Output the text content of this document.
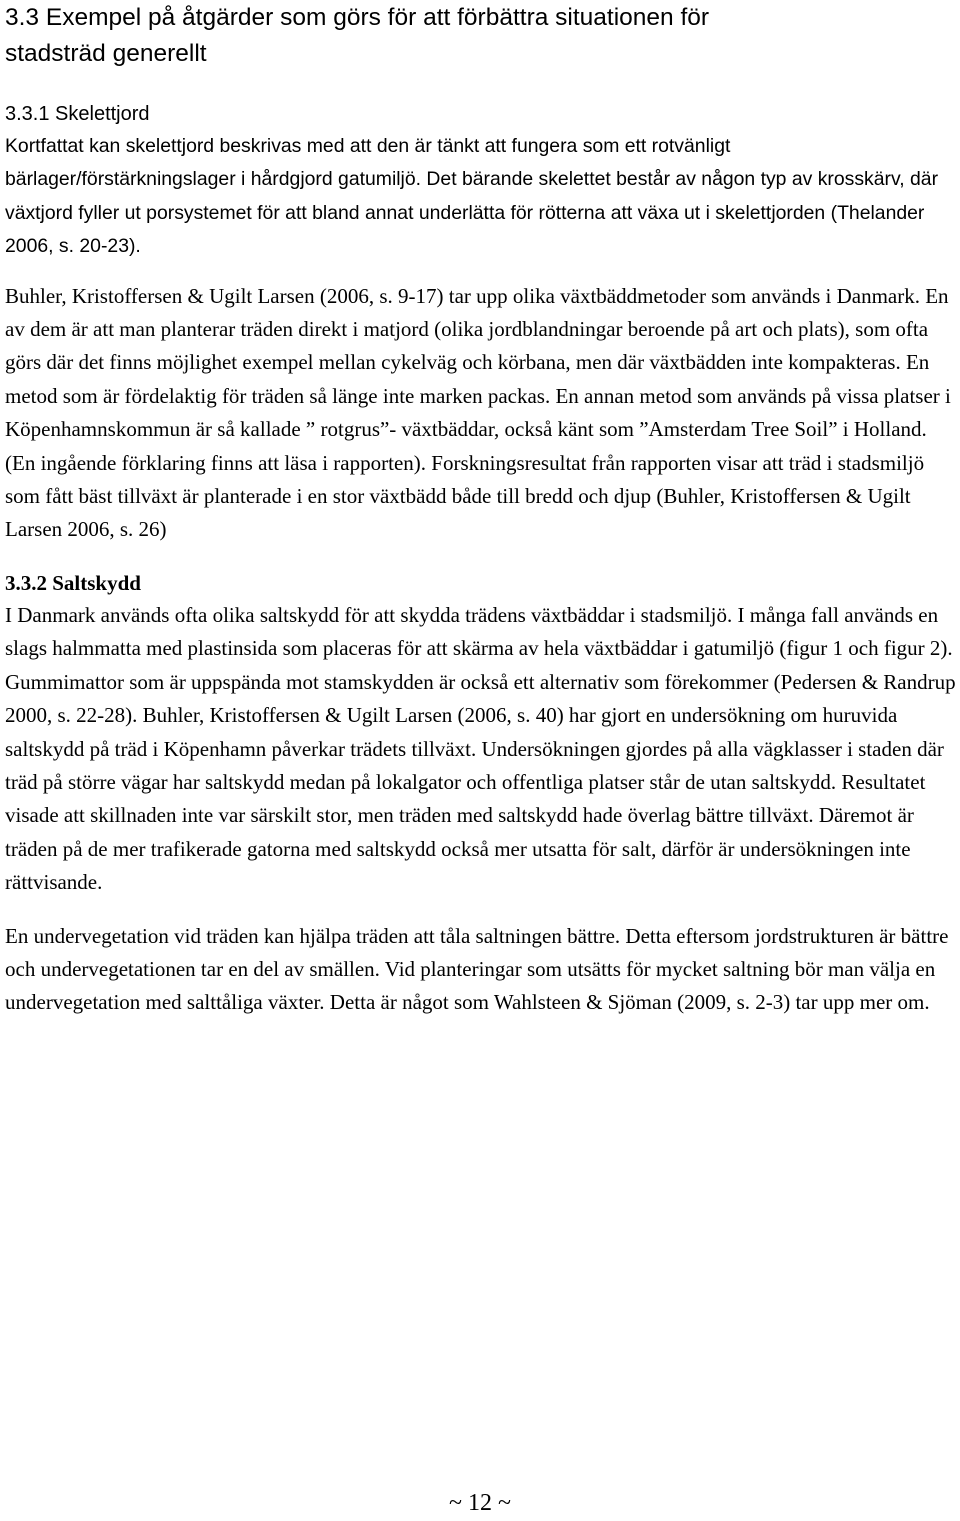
3.3 Exempel på åtgärder som görs för att förbättra situationen för
stadsträd generellt
3.3.1 Skelettjord

Kortfattat kan skelettjord beskrivas med att den är tänkt att fungera som ett rotvänligt bärlager/förstärkningslager i hårdgjord gatumiljö. Det bärande skelettet består av någon typ av krosskärv, där växtjord fyller ut porsystemet för att bland annat underlätta för rötterna att växa ut i skelettjorden (Thelander 2006, s. 20-23).

Buhler, Kristoffersen & Ugilt Larsen (2006, s. 9-17) tar upp olika växtbäddmetoder som används i Danmark. En av dem är att man planterar träden direkt i matjord (olika jordblandningar beroende på art och plats), som ofta görs där det finns möjlighet exempel mellan cykelväg och körbana, men där växtbädden inte kompakteras. En metod som är fördelaktig för träden så länge inte marken packas. En annan metod som används på vissa platser i Köpenhamnskommun är så kallade ” rotgrus”- växtbäddar, också känt som ”Amsterdam Tree Soil” i Holland. (En ingående förklaring finns att läsa i rapporten). Forskningsresultat från rapporten visar att träd i stadsmiljö som fått bäst tillväxt är planterade i en stor växtbädd både till bredd och djup (Buhler, Kristoffersen & Ugilt Larsen 2006, s. 26)

3.3.2 Saltskydd

I Danmark används ofta olika saltskydd för att skydda trädens växtbäddar i stadsmiljö. I många fall används en slags halmmatta med plastinsida som placeras för att skärma av hela växtbäddar i gatumiljö (figur 1 och figur 2). Gummimattor som är uppspända mot stamskydden är också ett alternativ som förekommer (Pedersen & Randrup 2000, s. 22-28). Buhler, Kristoffersen & Ugilt Larsen (2006, s. 40) har gjort en undersökning om huruvida saltskydd på träd i Köpenhamn påverkar trädets tillväxt. Undersökningen gjordes på alla vägklasser i staden där träd på större vägar har saltskydd medan på lokalgator och offentliga platser står de utan saltskydd. Resultatet visade att skillnaden inte var särskilt stor, men träden med saltskydd hade överlag bättre tillväxt. Däremot är träden på de mer trafikerade gatorna med saltskydd också mer utsatta för salt, därför är undersökningen inte rättvisande.

En undervegetation vid träden kan hjälpa träden att tåla saltningen bättre. Detta eftersom jordstrukturen är bättre och undervegetationen tar en del av smällen. Vid planteringar som utsätts för mycket saltning bör man välja en undervegetation med salttåliga växter. Detta är något som Wahlsteen & Sjöman (2009, s. 2-3) tar upp mer om.

~ 12 ~
